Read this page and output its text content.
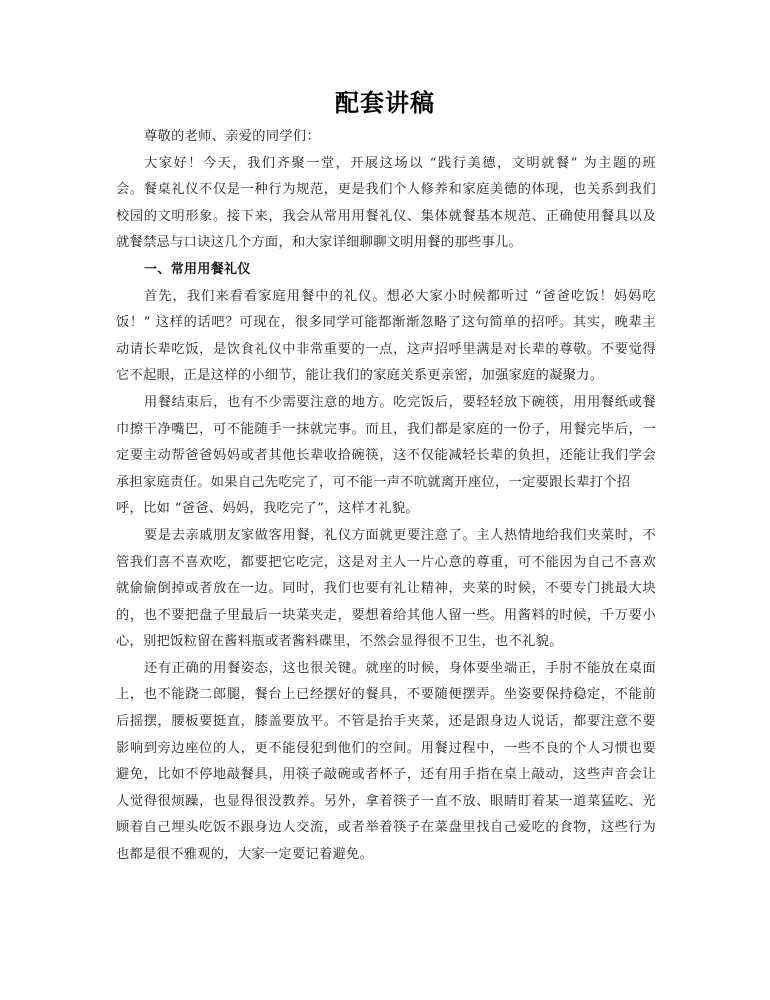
配套讲稿
尊敬的老师、亲爱的同学们：
大家好！今天，我们齐聚一堂，开展这场以 “践行美德，文明就餐” 为主题的班
会。餐桌礼仪不仅是一种行为规范，更是我们个人修养和家庭美德的体现，也关系到我们
校园的文明形象。接下来，我会从常用用餐礼仪、集体就餐基本规范、正确使用餐具以及
就餐禁忌与口诀这几个方面，和大家详细聊聊文明用餐的那些事儿。
一、常用用餐礼仪
首先，我们来看看家庭用餐中的礼仪。想必大家小时候都听过 “爸爸吃饭！妈妈吃
饭！” 这样的话吧？可现在，很多同学可能都渐渐忽略了这句简单的招呼。其实，晚辈主
动请长辈吃饭，是饮食礼仪中非常重要的一点，这声招呼里满是对长辈的尊敬。不要觉得
它不起眼，正是这样的小细节，能让我们的家庭关系更亲密，加强家庭的凝聚力。
用餐结束后，也有不少需要注意的地方。吃完饭后，要轻轻放下碗筷，用用餐纸或餐
巾擦干净嘴巴，可不能随手一抹就完事。而且，我们都是家庭的一份子，用餐完毕后，一
定要主动帮爸爸妈妈或者其他长辈收拾碗筷，这不仅能减轻长辈的负担，还能让我们学会
承担家庭责任。如果自己先吃完了，可不能一声不吭就离开座位，一定要跟长辈打个招
呼，比如 “爸爸、妈妈，我吃完了”，这样才礼貌。
要是去亲戚朋友家做客用餐，礼仪方面就更要注意了。主人热情地给我们夹菜时，不
管我们喜不喜欢吃，都要把它吃完，这是对主人一片心意的尊重，可不能因为自己不喜欢
就偷偷倒掉或者放在一边。同时，我们也要有礼让精神，夹菜的时候，不要专门挑最大块
的，也不要把盘子里最后一块菜夹走，要想着给其他人留一些。用酱料的时候，千万要小
心，别把饭粒留在酱料瓶或者酱料碟里，不然会显得很不卫生，也不礼貌。
还有正确的用餐姿态，这也很关键。就座的时候，身体要坐端正，手肘不能放在桌面
上，也不能跷二郎腿，餐台上已经摆好的餐具，不要随便摆弄。坐姿要保持稳定，不能前
后摇摆，腰板要挺直，膝盖要放平。不管是抬手夹菜，还是跟身边人说话，都要注意不要
影响到旁边座位的人，更不能侵犯到他们的空间。用餐过程中，一些不良的个人习惯也要
避免，比如不停地敲餐具，用筷子敲碗或者杯子，还有用手指在桌上敲动，这些声音会让
人觉得很烦躁，也显得很没教养。另外，拿着筷子一直不放、眼睛盯着某一道菜猛吃、光
顾着自己埋头吃饭不跟身边人交流，或者举着筷子在菜盘里找自己爱吃的食物，这些行为
也都是很不雅观的，大家一定要记着避免。
